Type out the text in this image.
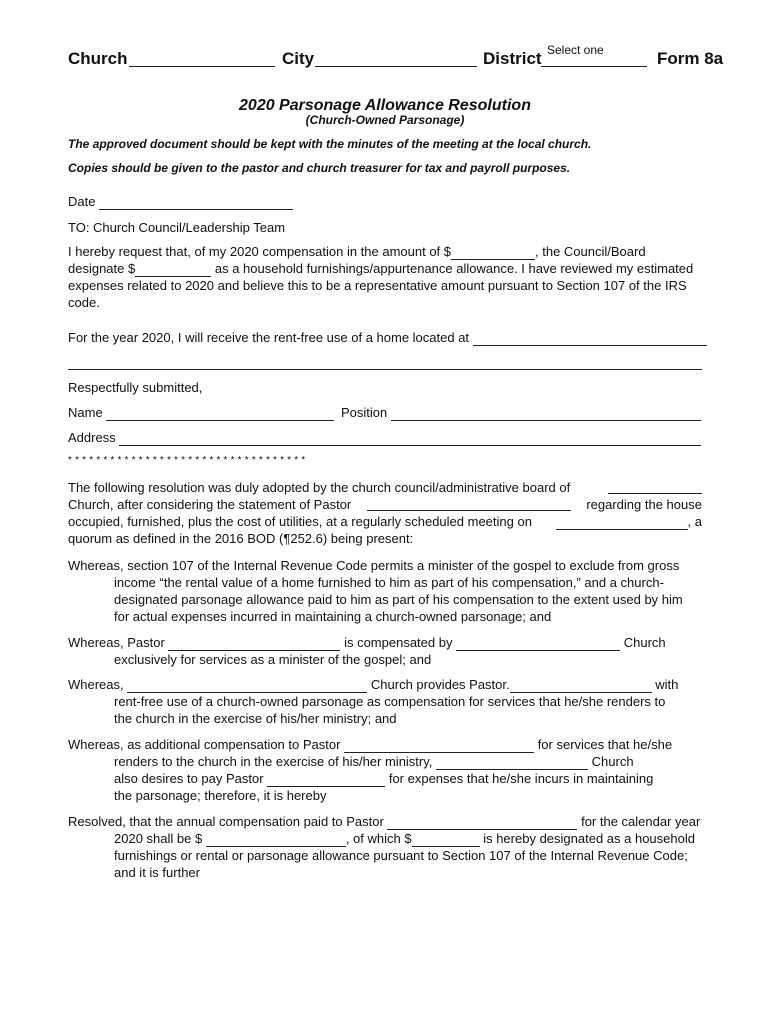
Church	City	District Select one	Form 8a
2020 Parsonage Allowance Resolution
(Church-Owned Parsonage)
The approved document should be kept with the minutes of the meeting at the local church.
Copies should be given to the pastor and church treasurer for tax and payroll purposes.
Date
TO: Church Council/Leadership Team

I hereby request that, of my 2020 compensation in the amount of $	, the Council/Board

designate $	as a household furnishings/appurtenance allowance. I have reviewed my estimated

expenses related to 2020 and believe this to be a representative amount pursuant to Section 107 of the IRS

code.

For the year 2020, I will receive the rent-free use of a home located at
Respectfully submitted,
Name	Position
Address
* * * * * * * * * * * * * * * * * * * * * * * * * * * * * * * * * *

The following resolution was duly adopted by the church council/administrative board of

Church, after considering the statement of Pastor	regarding the house

occupied, furnished, plus the cost of utilities, at a regularly scheduled meeting on	, a

quorum as defined in the 2016 BOD (¶252.6) being present:

Whereas, section 107 of the Internal Revenue Code permits a minister of the gospel to exclude from gross

income “the rental value of a home furnished to him as part of his compensation,” and a church-

designated parsonage allowance paid to him as part of his compensation to the extent used by him

for actual expenses incurred in maintaining a church-owned parsonage; and

Whereas, Pastor	is compensated by	Church

exclusively for services as a minister of the gospel; and

Whereas,	Church provides Pastor.	with

rent-free use of a church-owned parsonage as compensation for services that he/she renders to

the church in the exercise of his/her ministry; and

Whereas, as additional compensation to Pastor	for services that he/she

renders to the church in the exercise of his/her ministry,	Church

also desires to pay Pastor	for expenses that he/she incurs in maintaining

the parsonage; therefore, it is hereby

Resolved, that the annual compensation paid to Pastor	for the calendar year

2020 shall be $	, of which $	is hereby designated as a household

furnishings or rental or parsonage allowance pursuant to Section 107 of the Internal Revenue Code;

and it is further
